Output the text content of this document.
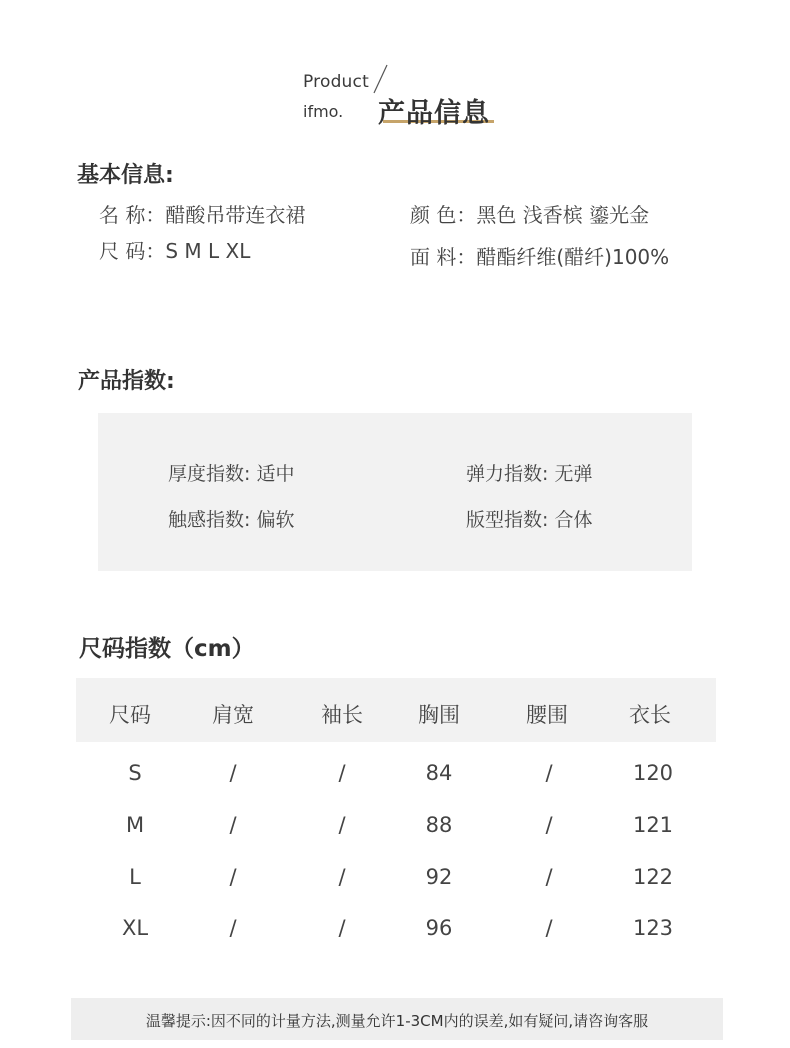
Product
ifmo. 产品信息
基本信息:
名 称：醋酸吊带连衣裙	颜 色：黑色 浅香槟 鎏光金
尺 码：S M L XL	面 料：醋酯纤维(醋纤)100%
产品指数:
厚度指数: 适中	弹力指数: 无弹
触感指数: 偏软	版型指数: 合体
尺码指数（cm）
尺码	肩宽	袖长	胸围	腰围	衣长
S	/	/	84	/	120
M	/	/	88	/	121
L	/	/	92	/	122
XL	/	/	96	/	123
温馨提示:因不同的计量方法,测量允许1-3CM内的误差,如有疑问,请咨询客服
